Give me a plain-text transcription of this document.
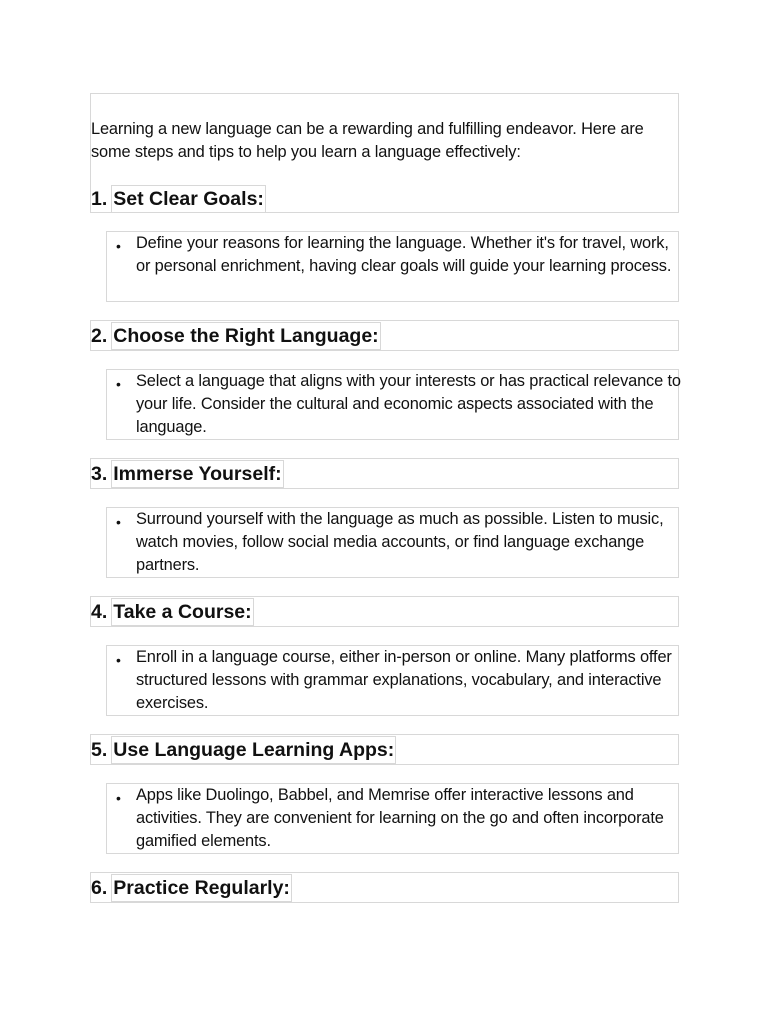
Learning a new language can be a rewarding and fulfilling endeavor. Here are some steps and tips to help you learn a language effectively:
1. Set Clear Goals:
• Define your reasons for learning the language. Whether it's for travel, work, or personal enrichment, having clear goals will guide your learning process.
2. Choose the Right Language:
• Select a language that aligns with your interests or has practical relevance to your life. Consider the cultural and economic aspects associated with the language.
3. Immerse Yourself:
• Surround yourself with the language as much as possible. Listen to music, watch movies, follow social media accounts, or find language exchange partners.
4. Take a Course:
• Enroll in a language course, either in-person or online. Many platforms offer structured lessons with grammar explanations, vocabulary, and interactive exercises.
5. Use Language Learning Apps:
• Apps like Duolingo, Babbel, and Memrise offer interactive lessons and activities. They are convenient for learning on the go and often incorporate gamified elements.
6. Practice Regularly:
